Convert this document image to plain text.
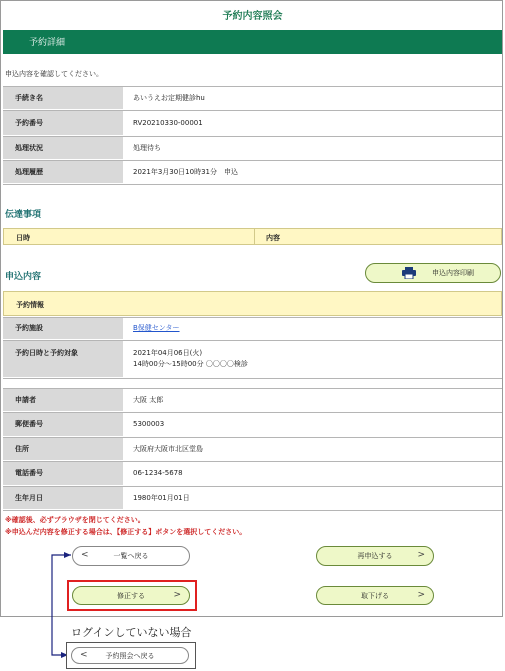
予約内容照会
予約詳細
申込内容を確認してください。
手続き名	あいうえお定期健診hu
予約番号	RV20210330-00001
処理状況	処理待ち
処理履歴	2021年3月30日10時31分　申込
伝達事項
日時	内容
申込内容	申込内容印刷
予約情報
予約施設	B保健センター
予約日時と予約対象	2021年04月06日(火)
14時00分～15時00分 〇〇〇〇検診
申請者	大阪 太郎
郵便番号	5300003
住所	大阪府大阪市北区堂島
電話番号	06-1234-5678
生年月日	1980年01月01日
※確認後、必ずブラウザを閉じてください。
※申込んだ内容を修正する場合は、【修正する】ボタンを選択してください。
<	一覧へ戻る	再申込する	>
修正する	>	取下げる	>
ログインしていない場合
<	予約照会へ戻る
